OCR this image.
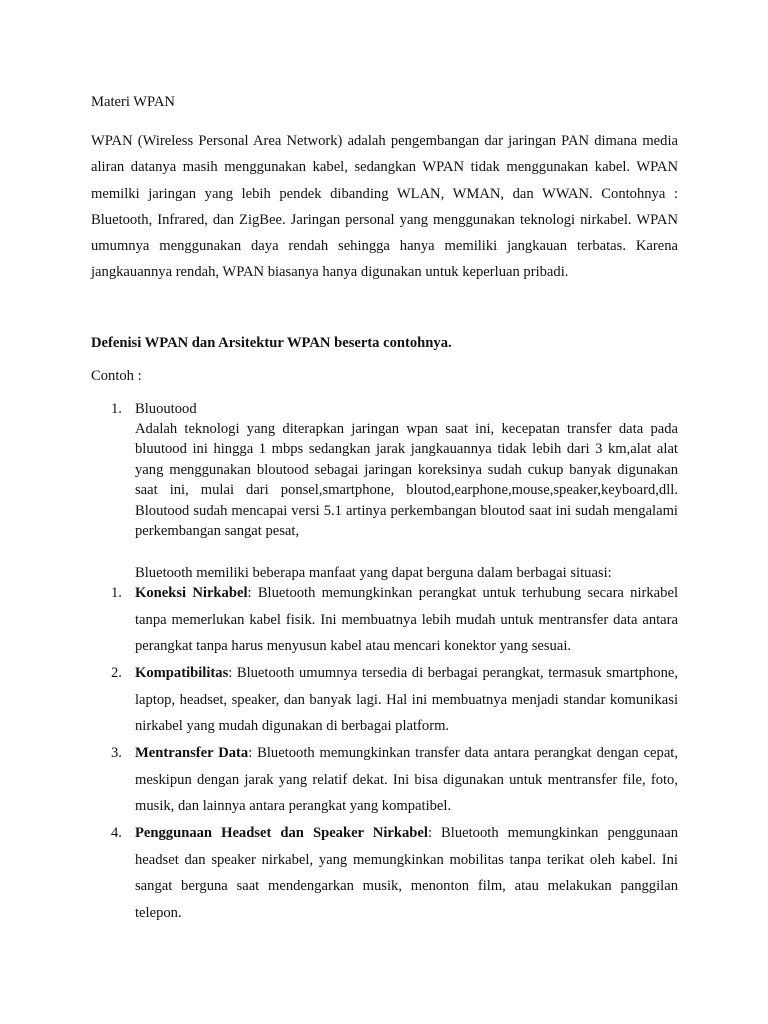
Materi WPAN
WPAN (Wireless Personal Area Network) adalah pengembangan dar jaringan PAN dimana media aliran datanya masih menggunakan kabel, sedangkan WPAN tidak menggunakan kabel. WPAN memilki jaringan yang lebih pendek dibanding WLAN, WMAN, dan WWAN. Contohnya : Bluetooth, Infrared, dan ZigBee. Jaringan personal yang menggunakan teknologi nirkabel. WPAN umumnya menggunakan daya rendah sehingga hanya memiliki jangkauan terbatas. Karena jangkauannya rendah, WPAN biasanya hanya digunakan untuk keperluan pribadi.
Defenisi WPAN dan Arsitektur WPAN beserta contohnya.
Contoh :
1. Bluoutood
Adalah teknologi yang diterapkan jaringan wpan saat ini, kecepatan transfer data pada bluutood ini hingga 1 mbps sedangkan jarak jangkauannya tidak lebih dari 3 km,alat alat yang menggunakan bloutood sebagai jaringan koreksinya sudah cukup banyak digunakan saat ini, mulai dari ponsel,smartphone, bloutod,earphone,mouse,speaker,keyboard,dll. Bloutood sudah mencapai versi 5.1 artinya perkembangan bloutod saat ini sudah mengalami perkembangan sangat pesat,
Bluetooth memiliki beberapa manfaat yang dapat berguna dalam berbagai situasi:
1. Koneksi Nirkabel: Bluetooth memungkinkan perangkat untuk terhubung secara nirkabel tanpa memerlukan kabel fisik. Ini membuatnya lebih mudah untuk mentransfer data antara perangkat tanpa harus menyusun kabel atau mencari konektor yang sesuai.
2. Kompatibilitas: Bluetooth umumnya tersedia di berbagai perangkat, termasuk smartphone, laptop, headset, speaker, dan banyak lagi. Hal ini membuatnya menjadi standar komunikasi nirkabel yang mudah digunakan di berbagai platform.
3. Mentransfer Data: Bluetooth memungkinkan transfer data antara perangkat dengan cepat, meskipun dengan jarak yang relatif dekat. Ini bisa digunakan untuk mentransfer file, foto, musik, dan lainnya antara perangkat yang kompatibel.
4. Penggunaan Headset dan Speaker Nirkabel: Bluetooth memungkinkan penggunaan headset dan speaker nirkabel, yang memungkinkan mobilitas tanpa terikat oleh kabel. Ini sangat berguna saat mendengarkan musik, menonton film, atau melakukan panggilan telepon.
